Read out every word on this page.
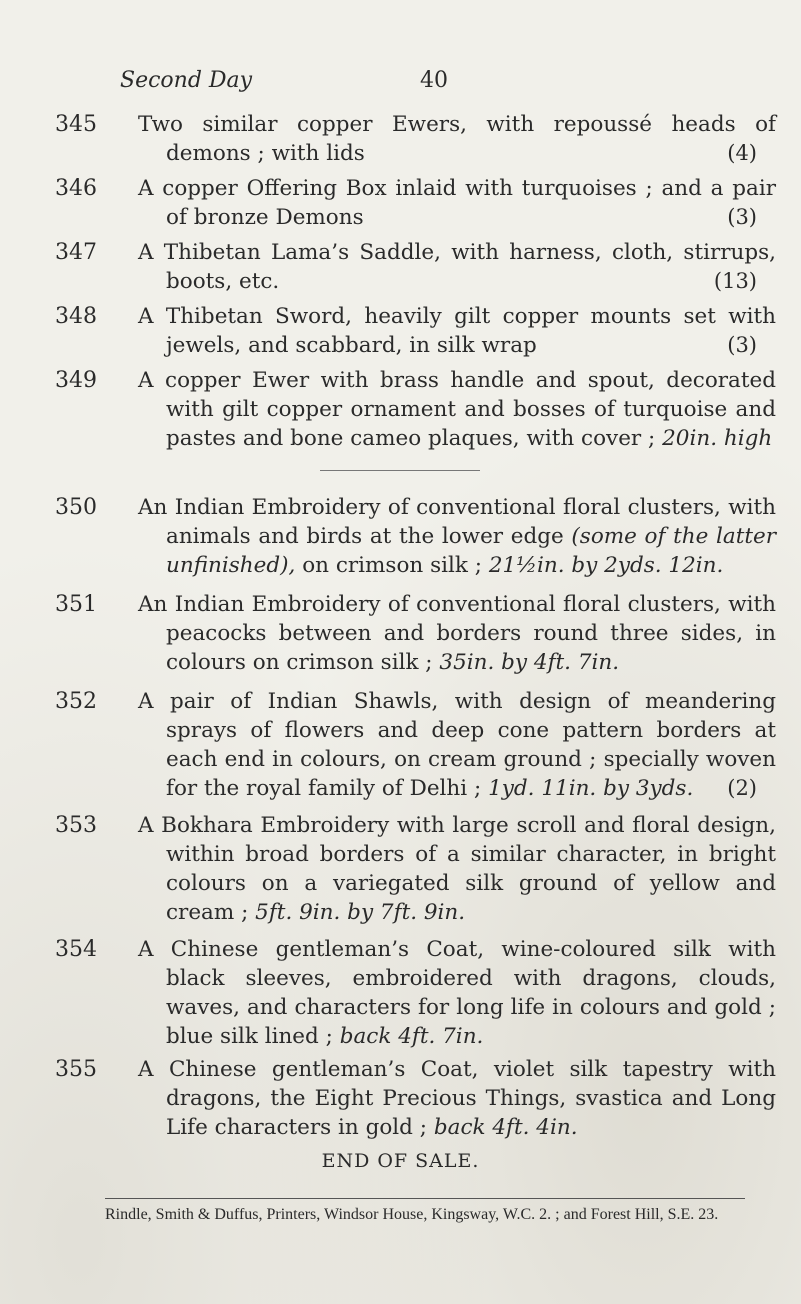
Second Day	40
345	Two similar copper Ewers, with repoussé heads of demons ; with lids	(4)
346	A copper Offering Box inlaid with turquoises ; and a pair of bronze Demons	(3)
347	A Thibetan Lama’s Saddle, with harness, cloth, stirrups, boots, etc.	(13)
348	A Thibetan Sword, heavily gilt copper mounts set with jewels, and scabbard, in silk wrap	(3)
349	A copper Ewer with brass handle and spout, decorated with gilt copper ornament and bosses of turquoise and pastes and bone cameo plaques, with cover ; 20in. high
350	An Indian Embroidery of conventional floral clusters, with animals and birds at the lower edge (some of the latter unfinished), on crimson silk ; 21½in. by 2yds. 12in.
351	An Indian Embroidery of conventional floral clusters, with peacocks between and borders round three sides, in colours on crimson silk ; 35in. by 4ft. 7in.
352	A pair of Indian Shawls, with design of meandering sprays of flowers and deep cone pattern borders at each end in colours, on cream ground ; specially woven for the royal family of Delhi ; 1yd. 11in. by 3yds.	(2)
353	A Bokhara Embroidery with large scroll and floral design, within broad borders of a similar character, in bright colours on a variegated silk ground of yellow and cream ; 5ft. 9in. by 7ft. 9in.
354	A Chinese gentleman’s Coat, wine-coloured silk with black sleeves, embroidered with dragons, clouds, waves, and characters for long life in colours and gold ; blue silk lined ; back 4ft. 7in.
355	A Chinese gentleman’s Coat, violet silk tapestry with dragons, the Eight Precious Things, svastica and Long Life characters in gold ; back 4ft. 4in.
END OF SALE.
Rindle, Smith & Duffus, Printers, Windsor House, Kingsway, W.C. 2. ; and Forest Hill, S.E. 23.
